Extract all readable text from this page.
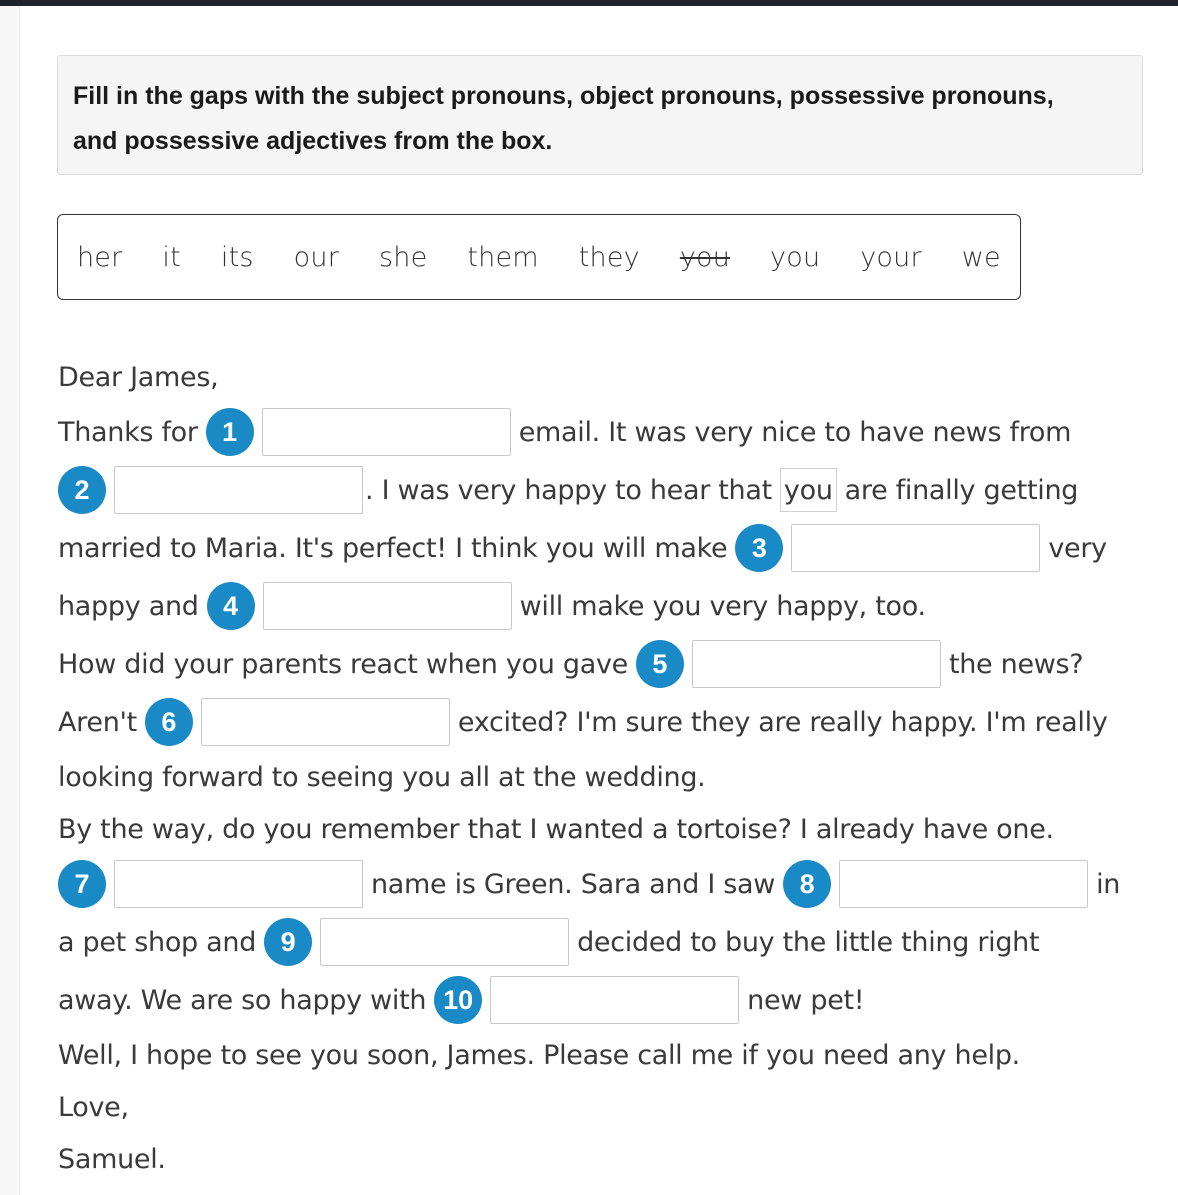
Fill in the gaps with the subject pronouns, object pronouns, possessive pronouns, and possessive adjectives from the box.
her it its our she them they you you your we
Dear James,
Thanks for 1	email. It was very nice to have news from
2	. I was very happy to hear that you are finally getting
married to Maria. It's perfect! I think you will make 3	very
happy and 4	will make you very happy, too.
How did your parents react when you gave 5	the news?
Aren't 6	excited? I'm sure they are really happy. I'm really
looking forward to seeing you all at the wedding.
By the way, do you remember that I wanted a tortoise? I already have one.
7	name is Green. Sara and I saw 8	in
a pet shop and 9	decided to buy the little thing right
away. We are so happy with 10	new pet!
Well, I hope to see you soon, James. Please call me if you need any help.
Love,
Samuel.
